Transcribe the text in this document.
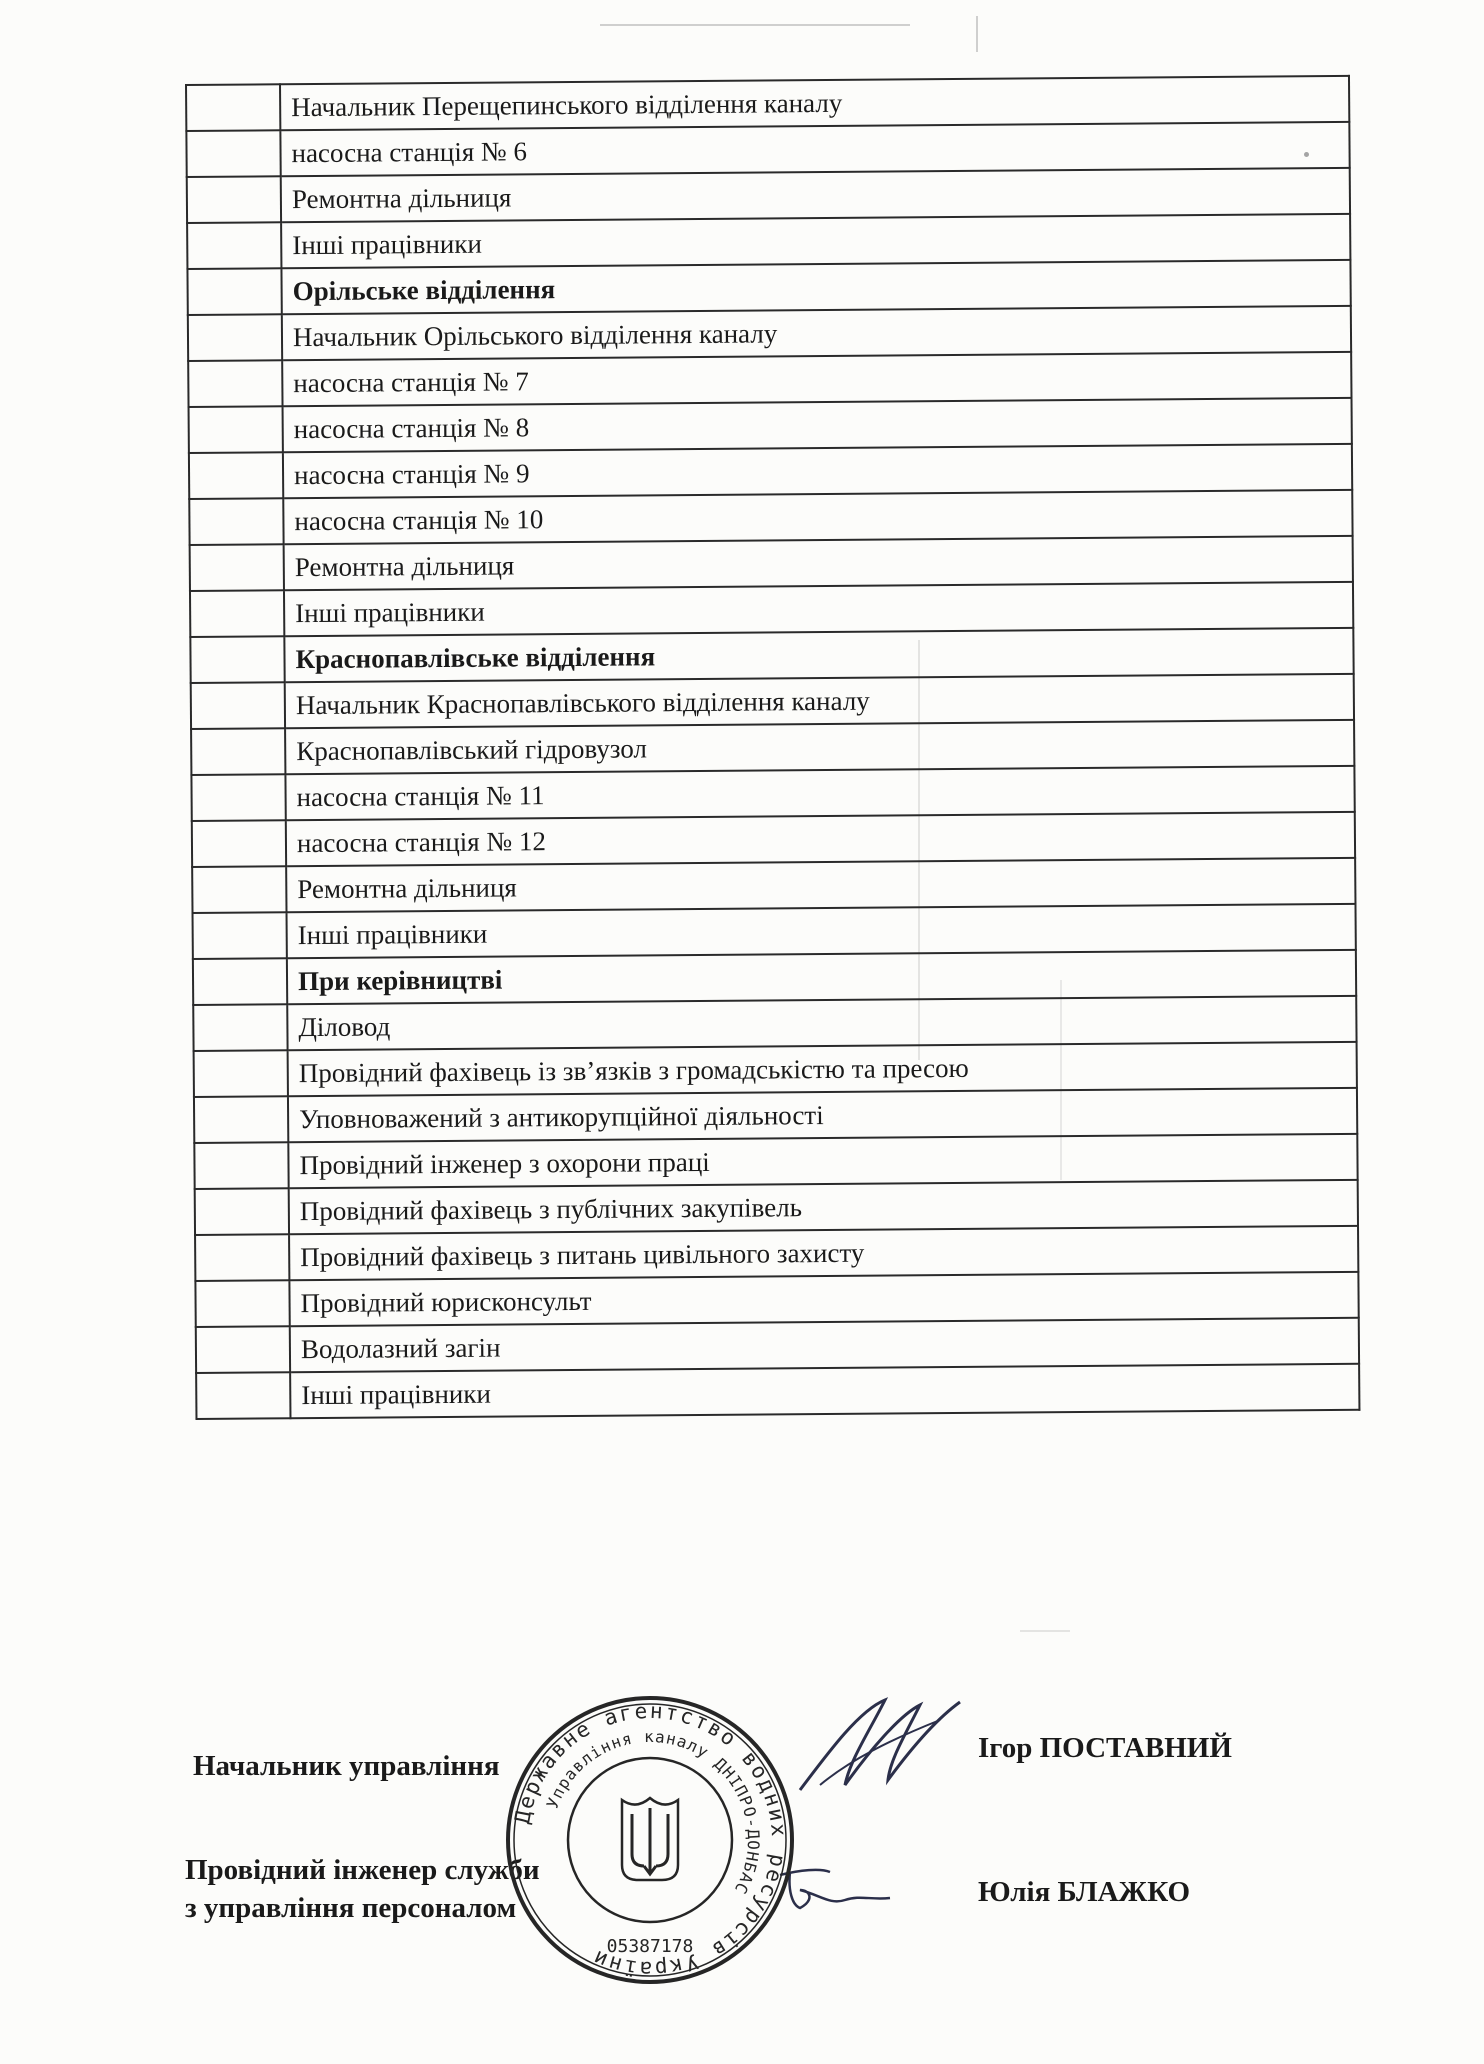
	Начальник Перещепинського відділення каналу
	насосна станція № 6
	Ремонтна дільниця
	Інші працівники
	Орільське відділення
	Начальник Орільського відділення каналу
	насосна станція № 7
	насосна станція № 8
	насосна станція № 9
	насосна станція № 10
	Ремонтна дільниця
	Інші працівники
	Краснопавлівське відділення
	Начальник Краснопавлівського відділення каналу
	Краснопавлівський гідровузол
	насосна станція № 11
	насосна станція № 12
	Ремонтна дільниця
	Інші працівники
	При керівництві
	Діловод
	Провідний фахівець із зв’язків з громадськістю та пресою
	Уповноважений з антикорупційної діяльності
	Провідний інженер з охорони праці
	Провідний фахівець з публічних закупівель
	Провідний фахівець з питань цивільного захисту
	Провідний юрисконсульт
	Водолазний загін
	Інші працівники
Начальник управління
Ігор ПОСТАВНИЙ
Провідний інженер служби
з управління персоналом	Юлія БЛАЖКО
Державне агентство водних ресурсів України
Управління каналу ДНІПРО-ДОНБАС
05387178
